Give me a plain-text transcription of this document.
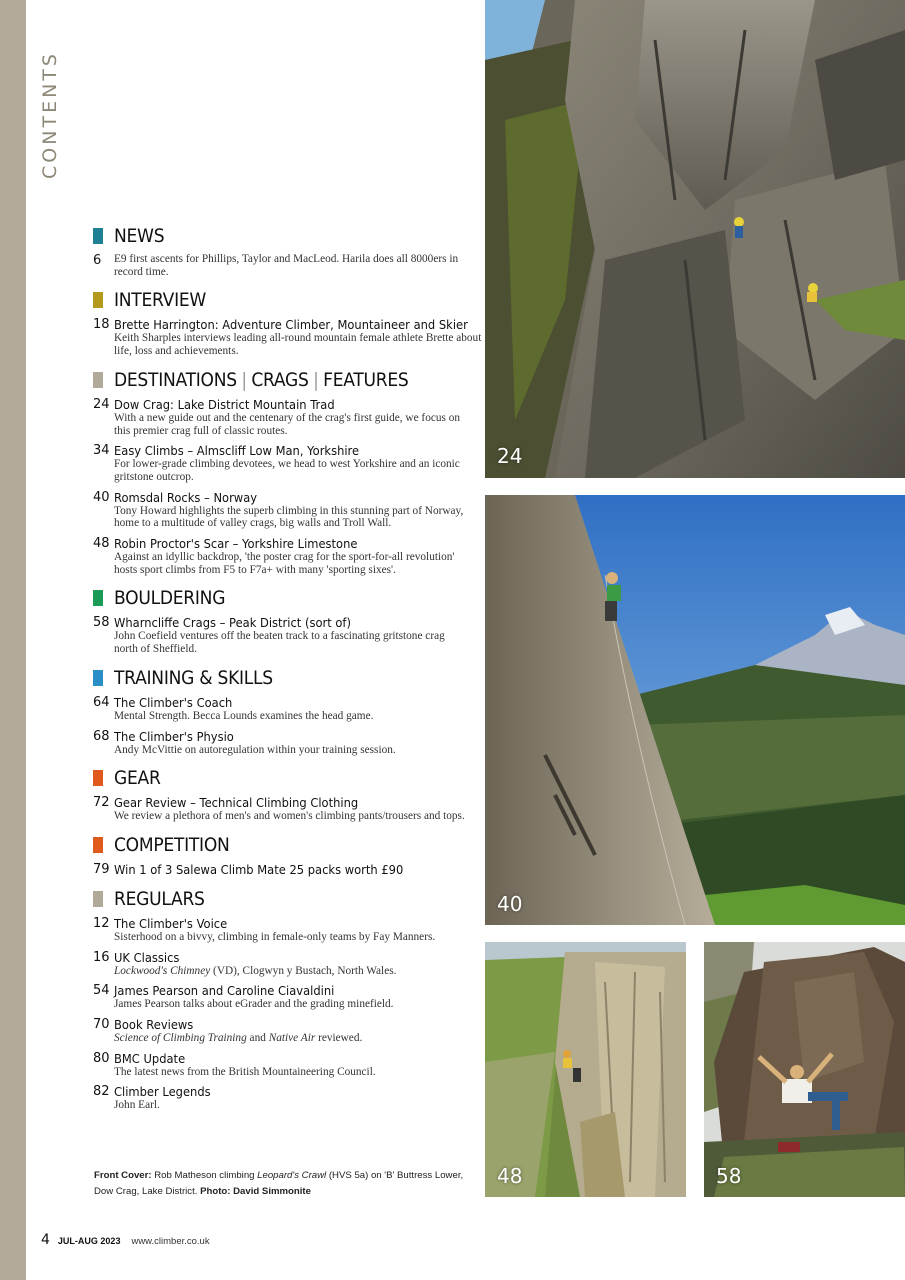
CONTENTS
NEWS
6	E9 first ascents for Phillips, Taylor and MacLeod. Harila does all 8000ers in record time.
INTERVIEW
18 Brette Harrington: Adventure Climber, Mountaineer and Skier
Keith Sharples interviews leading all-round mountain female athlete Brette about life, loss and achievements.
DESTINATIONS | CRAGS | FEATURES
24 Dow Crag: Lake District Mountain Trad
With a new guide out and the centenary of the crag's first guide, we focus on this premier crag full of classic routes.
34 Easy Climbs – Almscliff Low Man, Yorkshire
For lower-grade climbing devotees, we head to west Yorkshire and an iconic gritstone outcrop.
40 Romsdal Rocks – Norway
Tony Howard highlights the superb climbing in this stunning part of Norway, home to a multitude of valley crags, big walls and Troll Wall.
48 Robin Proctor's Scar – Yorkshire Limestone
Against an idyllic backdrop, 'the poster crag for the sport-for-all revolution' hosts sport climbs from F5 to F7a+ with many 'sporting sixes'.
BOULDERING
58 Wharncliffe Crags – Peak District (sort of)
John Coefield ventures off the beaten track to a fascinating gritstone crag north of Sheffield.
TRAINING & SKILLS
64 The Climber's Coach
Mental Strength. Becca Lounds examines the head game.
68 The Climber's Physio
Andy McVittie on autoregulation within your training session.
GEAR
72 Gear Review – Technical Climbing Clothing
We review a plethora of men's and women's climbing pants/trousers and tops.
COMPETITION
79 Win 1 of 3 Salewa Climb Mate 25 packs worth £90
REGULARS
12 The Climber's Voice
Sisterhood on a bivvy, climbing in female-only teams by Fay Manners.
16 UK Classics
Lockwood's Chimney (VD), Clogwyn y Bustach, North Wales.
54 James Pearson and Caroline Ciavaldini
James Pearson talks about eGrader and the grading minefield.
70 Book Reviews
Science of Climbing Training and Native Air reviewed.
80 BMC Update
The latest news from the British Mountaineering Council.
82 Climber Legends
John Earl.
Front Cover: Rob Matheson climbing Leopard's Crawl (HVS 5a) on 'B' Buttress Lower, Dow Crag, Lake District. Photo: David Simmonite
4 JUL-AUG 2023 www.climber.co.uk
24
40
48	58
